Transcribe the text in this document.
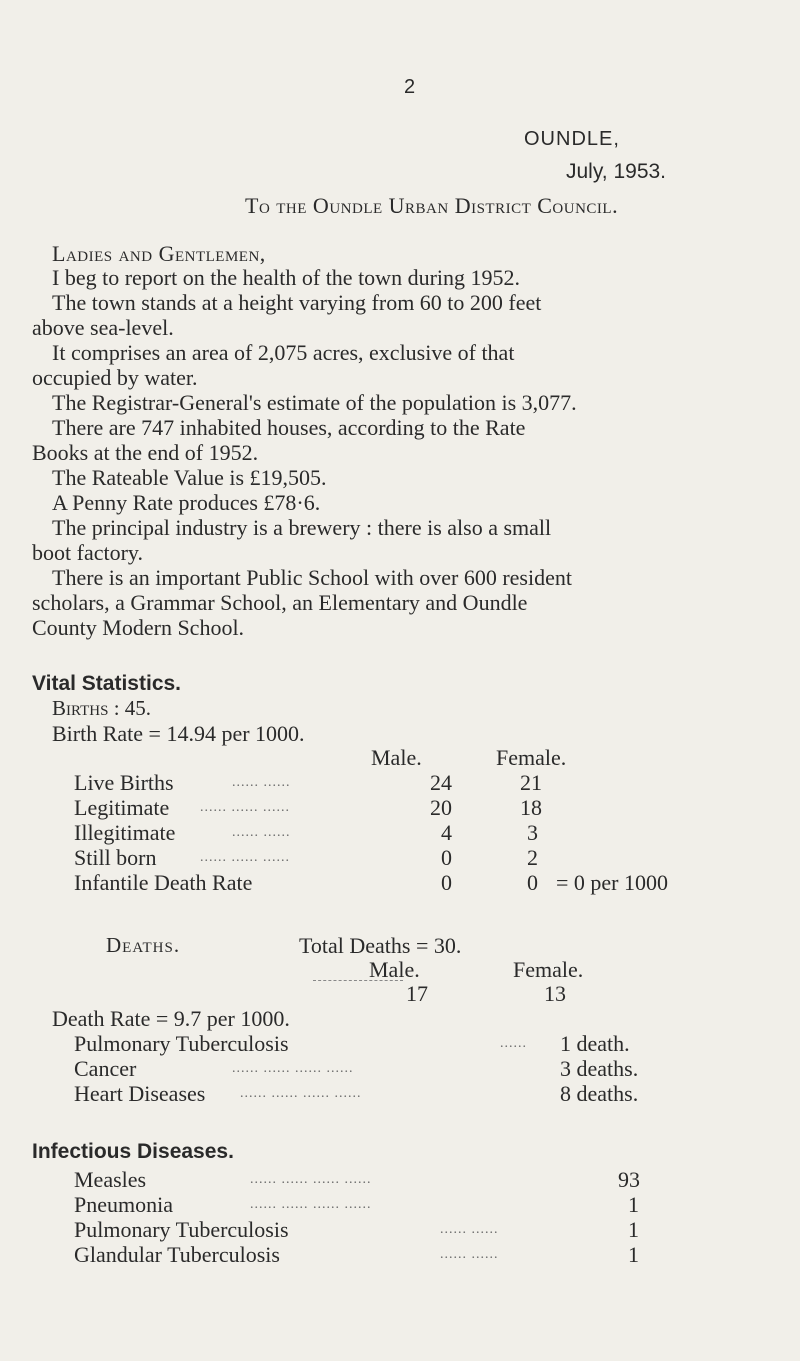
2
OUNDLE,
July, 1953.
To the Oundle Urban District Council.
Ladies and Gentlemen,
I beg to report on the health of the town during 1952.
The town stands at a height varying from 60 to 200 feet
above sea-level.
It comprises an area of 2,075 acres, exclusive of that
occupied by water.
The Registrar-General's estimate of the population is 3,077.
There are 747 inhabited houses, according to the Rate
Books at the end of 1952.
The Rateable Value is £19,505.
A Penny Rate produces £78·6.
The principal industry is a brewery : there is also a small
boot factory.
There is an important Public School with over 600 resident
scholars, a Grammar School, an Elementary and Oundle
County Modern School.
Vital Statistics.
Births : 45.
Birth Rate = 14.94 per 1000.
Male.	Female.
Live Births	...... ......	24	21
Legitimate ...... ...... ......	20	18
Illegitimate	...... ......	4	3
Still born	...... ...... ......	0	2
Infantile Death Rate	0	0 = 0 per 1000
Deaths.	Total Deaths = 30.
Male.	Female.
17	13
Death Rate = 9.7 per 1000.
Pulmonary Tuberculosis	...... 1 death.
Cancer	...... ...... ...... ......	3 deaths.
Heart Diseases ...... ...... ...... ......	8 deaths.
Infectious Diseases.
Measles	...... ...... ...... ......	93
Pneumonia	...... ...... ...... ......	1
Pulmonary Tuberculosis	...... ......	1
Glandular Tuberculosis	...... ......	1
